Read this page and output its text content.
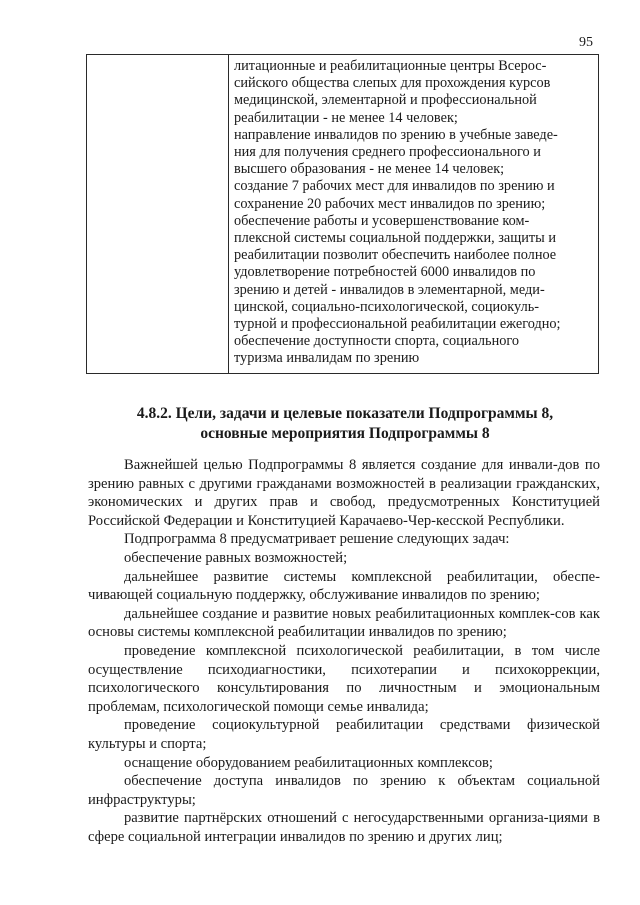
95

литационные и реабилитационные центры Всерос-
сийского общества слепых для прохождения курсов
медицинской, элементарной и профессиональной
реабилитации - не менее 14 человек;
направление инвалидов по зрению в учебные заведе-
ния для получения среднего профессионального и
высшего образования - не менее 14 человек;
создание 7 рабочих мест для инвалидов по зрению и
сохранение 20 рабочих мест инвалидов по зрению;
обеспечение работы и усовершенствование ком-
плексной системы социальной поддержки, защиты и
реабилитации позволит обеспечить наиболее полное
удовлетворение потребностей 6000 инвалидов по
зрению и детей - инвалидов в элементарной, меди-
цинской, социально-психологической, социокуль-
турной и профессиональной реабилитации ежегодно;
обеспечение доступности спорта, социального
туризма инвалидам по зрению
4.8.2. Цели, задачи и целевые показатели Подпрограммы 8,
основные мероприятия Подпрограммы 8

Важнейшей целью Подпрограммы 8 является создание для инвали-дов по зрению равных с другими гражданами возможностей в реализации гражданских, экономических и других прав и свобод, предусмотренных Конституцией Российской Федерации и Конституцией Карачаево-Чер-кесской Республики.

Подпрограмма 8 предусматривает решение следующих задач:

обеспечение равных возможностей;

дальнейшее развитие системы комплексной реабилитации, обеспе-чивающей социальную поддержку, обслуживание инвалидов по зрению;

дальнейшее создание и развитие новых реабилитационных комплек-сов как основы системы комплексной реабилитации инвалидов по зрению;

проведение комплексной психологической реабилитации, в том числе осуществление психодиагностики, психотерапии и психокоррекции, психологического консультирования по личностным и эмоциональным проблемам, психологической помощи семье инвалида;

проведение социокультурной реабилитации средствами физической культуры и спорта;

оснащение оборудованием реабилитационных комплексов;

обеспечение доступа инвалидов по зрению к объектам социальной инфраструктуры;

развитие партнёрских отношений с негосударственными организа-циями в сфере социальной интеграции инвалидов по зрению и других лиц;
